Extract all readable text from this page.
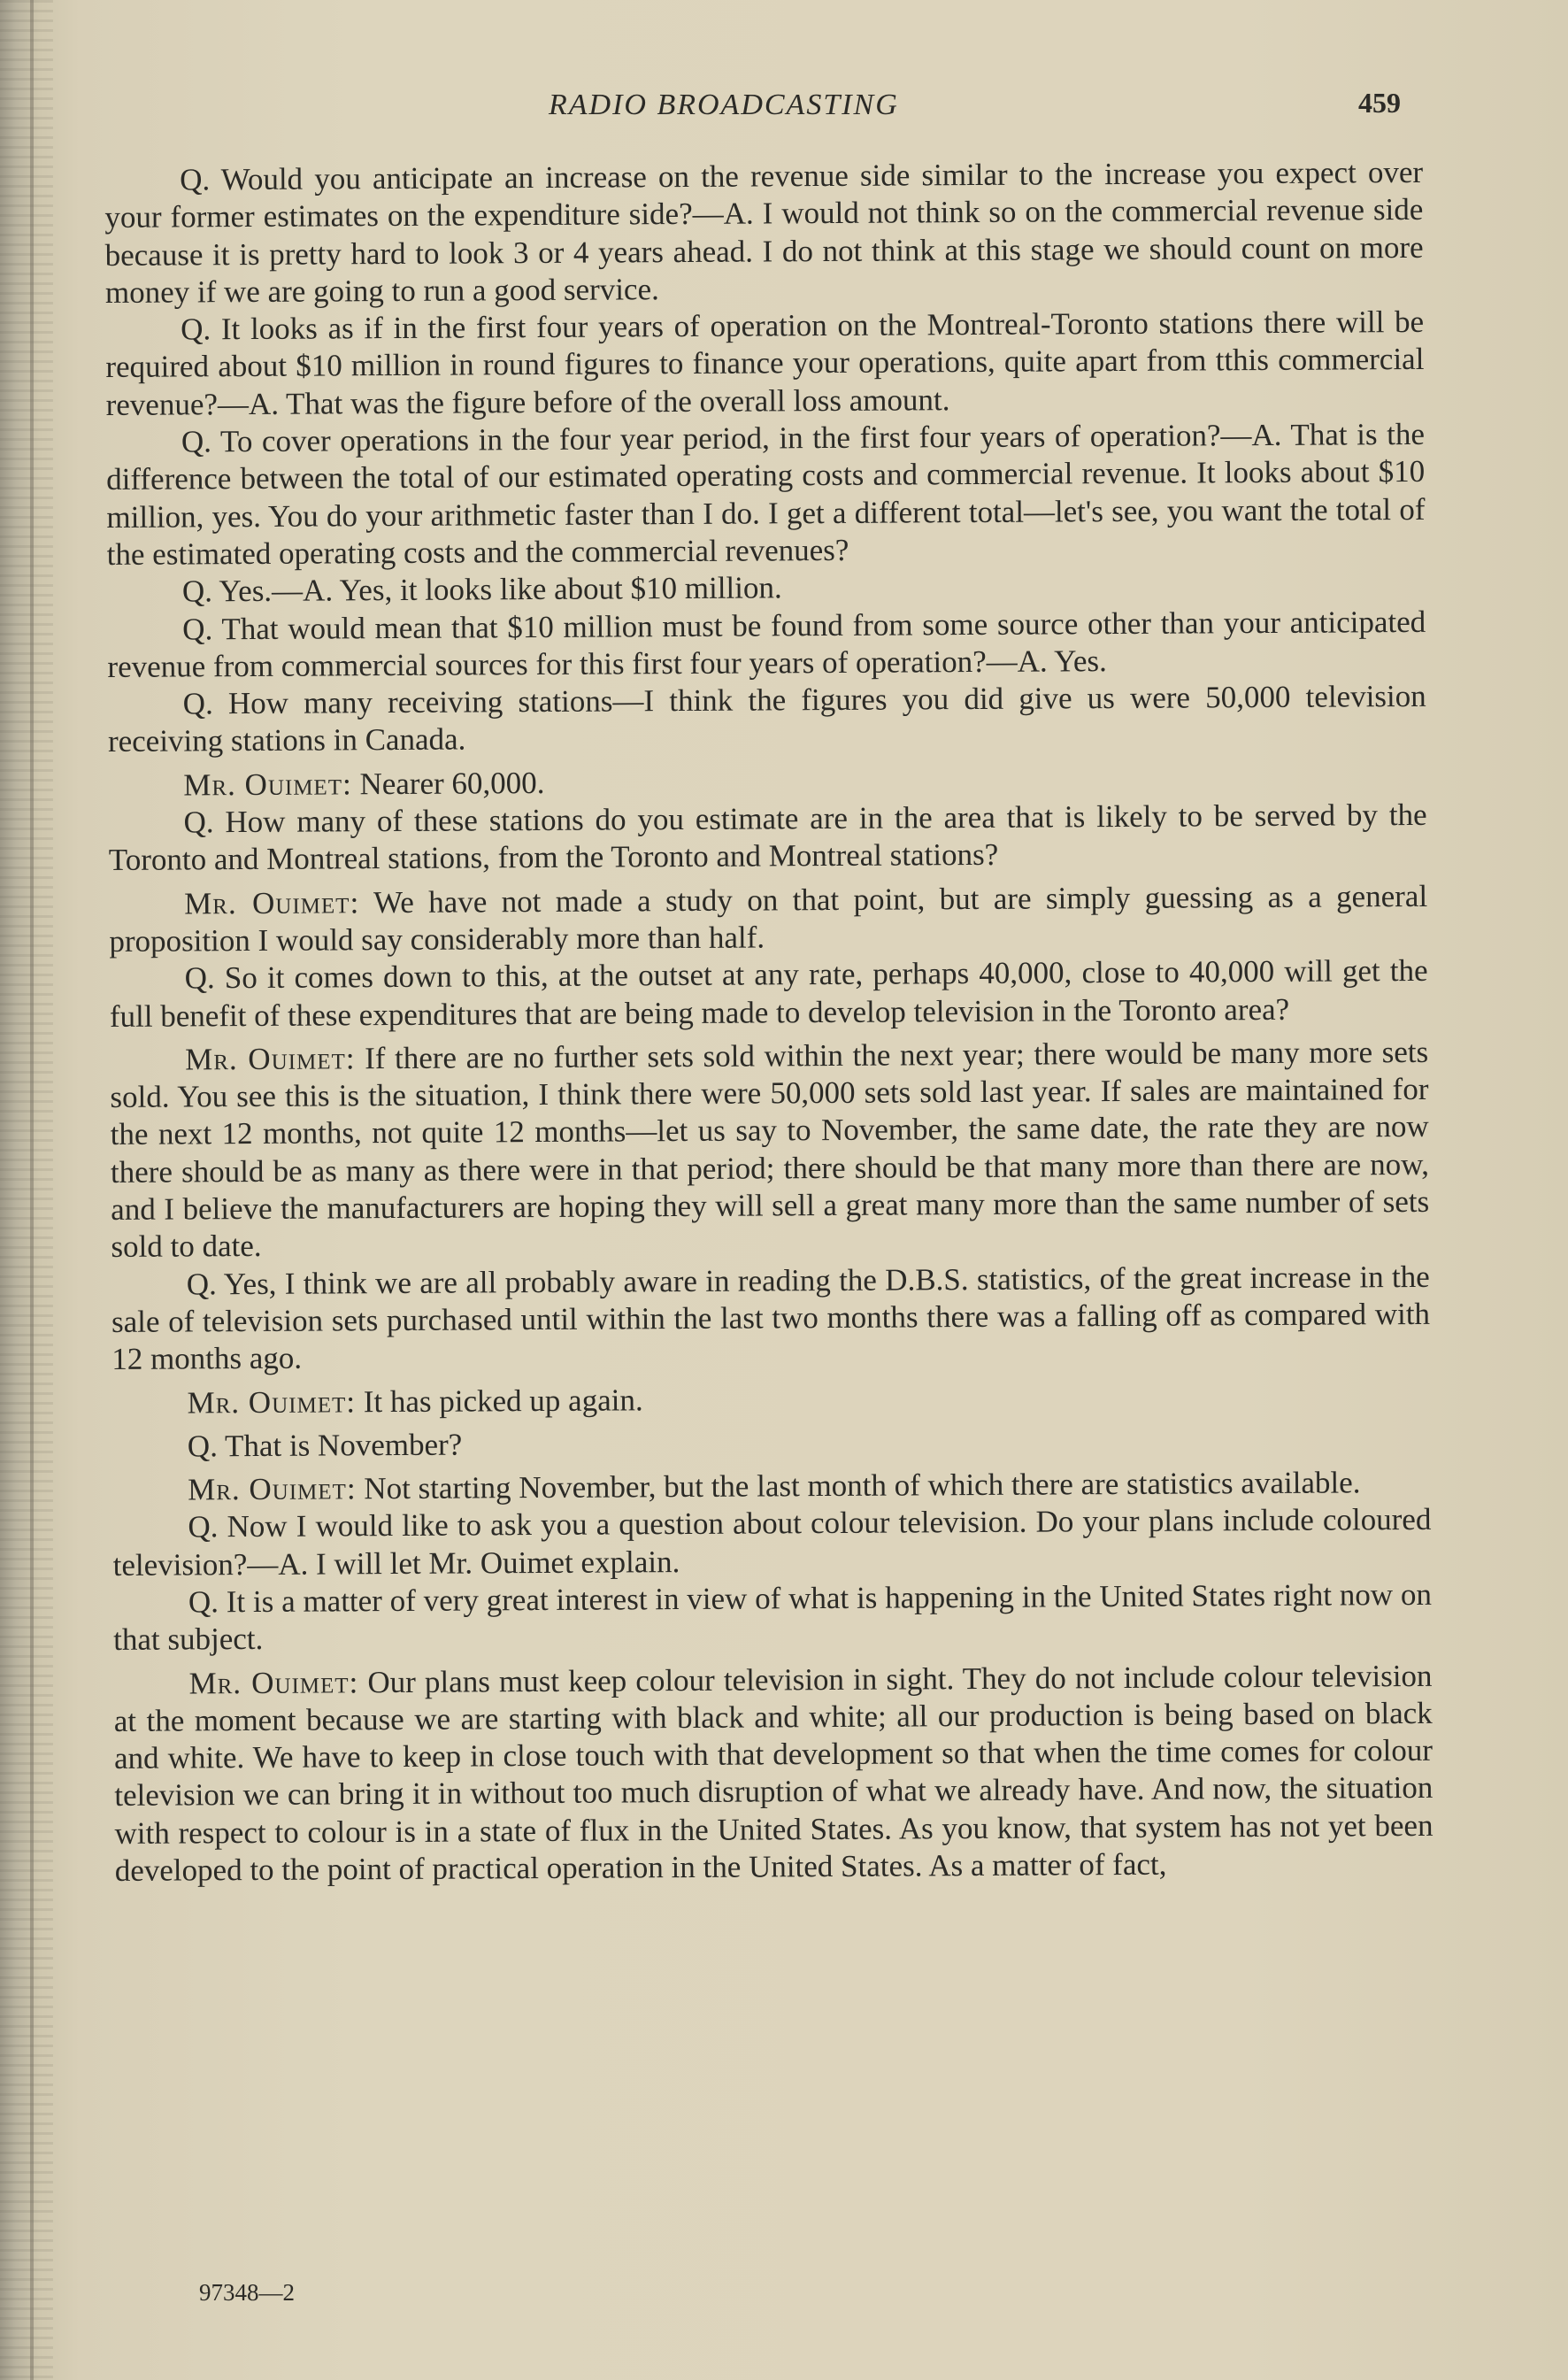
RADIO BROADCASTING	459

Q. Would you anticipate an increase on the revenue side similar to the increase you expect over your former estimates on the expenditure side?—A. I would not think so on the commercial revenue side because it is pretty hard to look 3 or 4 years ahead. I do not think at this stage we should count on more money if we are going to run a good service.

Q. It looks as if in the first four years of operation on the Montreal-Toronto stations there will be required about $10 million in round figures to finance your operations, quite apart from tthis commercial revenue?—A. That was the figure before of the overall loss amount.

Q. To cover operations in the four year period, in the first four years of operation?—A. That is the difference between the total of our estimated operating costs and commercial revenue. It looks about $10 million, yes. You do your arithmetic faster than I do. I get a different total—let's see, you want the total of the estimated operating costs and the commercial revenues?

Q. Yes.—A. Yes, it looks like about $10 million.

Q. That would mean that $10 million must be found from some source other than your anticipated revenue from commercial sources for this first four years of operation?—A. Yes.

Q. How many receiving stations—I think the figures you did give us were 50,000 television receiving stations in Canada.

Mr. Ouimet: Nearer 60,000.

Q. How many of these stations do you estimate are in the area that is likely to be served by the Toronto and Montreal stations, from the Toronto and Montreal stations?

Mr. Ouimet: We have not made a study on that point, but are simply guessing as a general proposition I would say considerably more than half.

Q. So it comes down to this, at the outset at any rate, perhaps 40,000, close to 40,000 will get the full benefit of these expenditures that are being made to develop television in the Toronto area?

Mr. Ouimet: If there are no further sets sold within the next year; there would be many more sets sold. You see this is the situation, I think there were 50,000 sets sold last year. If sales are maintained for the next 12 months, not quite 12 months—let us say to November, the same date, the rate they are now there should be as many as there were in that period; there should be that many more than there are now, and I believe the manufacturers are hoping they will sell a great many more than the same number of sets sold to date.

Q. Yes, I think we are all probably aware in reading the D.B.S. statistics, of the great increase in the sale of television sets purchased until within the last two months there was a falling off as compared with 12 months ago.

Mr. Ouimet: It has picked up again.

Q. That is November?

Mr. Ouimet: Not starting November, but the last month of which there are statistics available.

Q. Now I would like to ask you a question about colour television. Do your plans include coloured television?—A. I will let Mr. Ouimet explain.

Q. It is a matter of very great interest in view of what is happening in the United States right now on that subject.

Mr. Ouimet: Our plans must keep colour television in sight. They do not include colour television at the moment because we are starting with black and white; all our production is being based on black and white. We have to keep in close touch with that development so that when the time comes for colour television we can bring it in without too much disruption of what we already have. And now, the situation with respect to colour is in a state of flux in the United States. As you know, that system has not yet been developed to the point of practical operation in the United States. As a matter of fact,

97348—2
